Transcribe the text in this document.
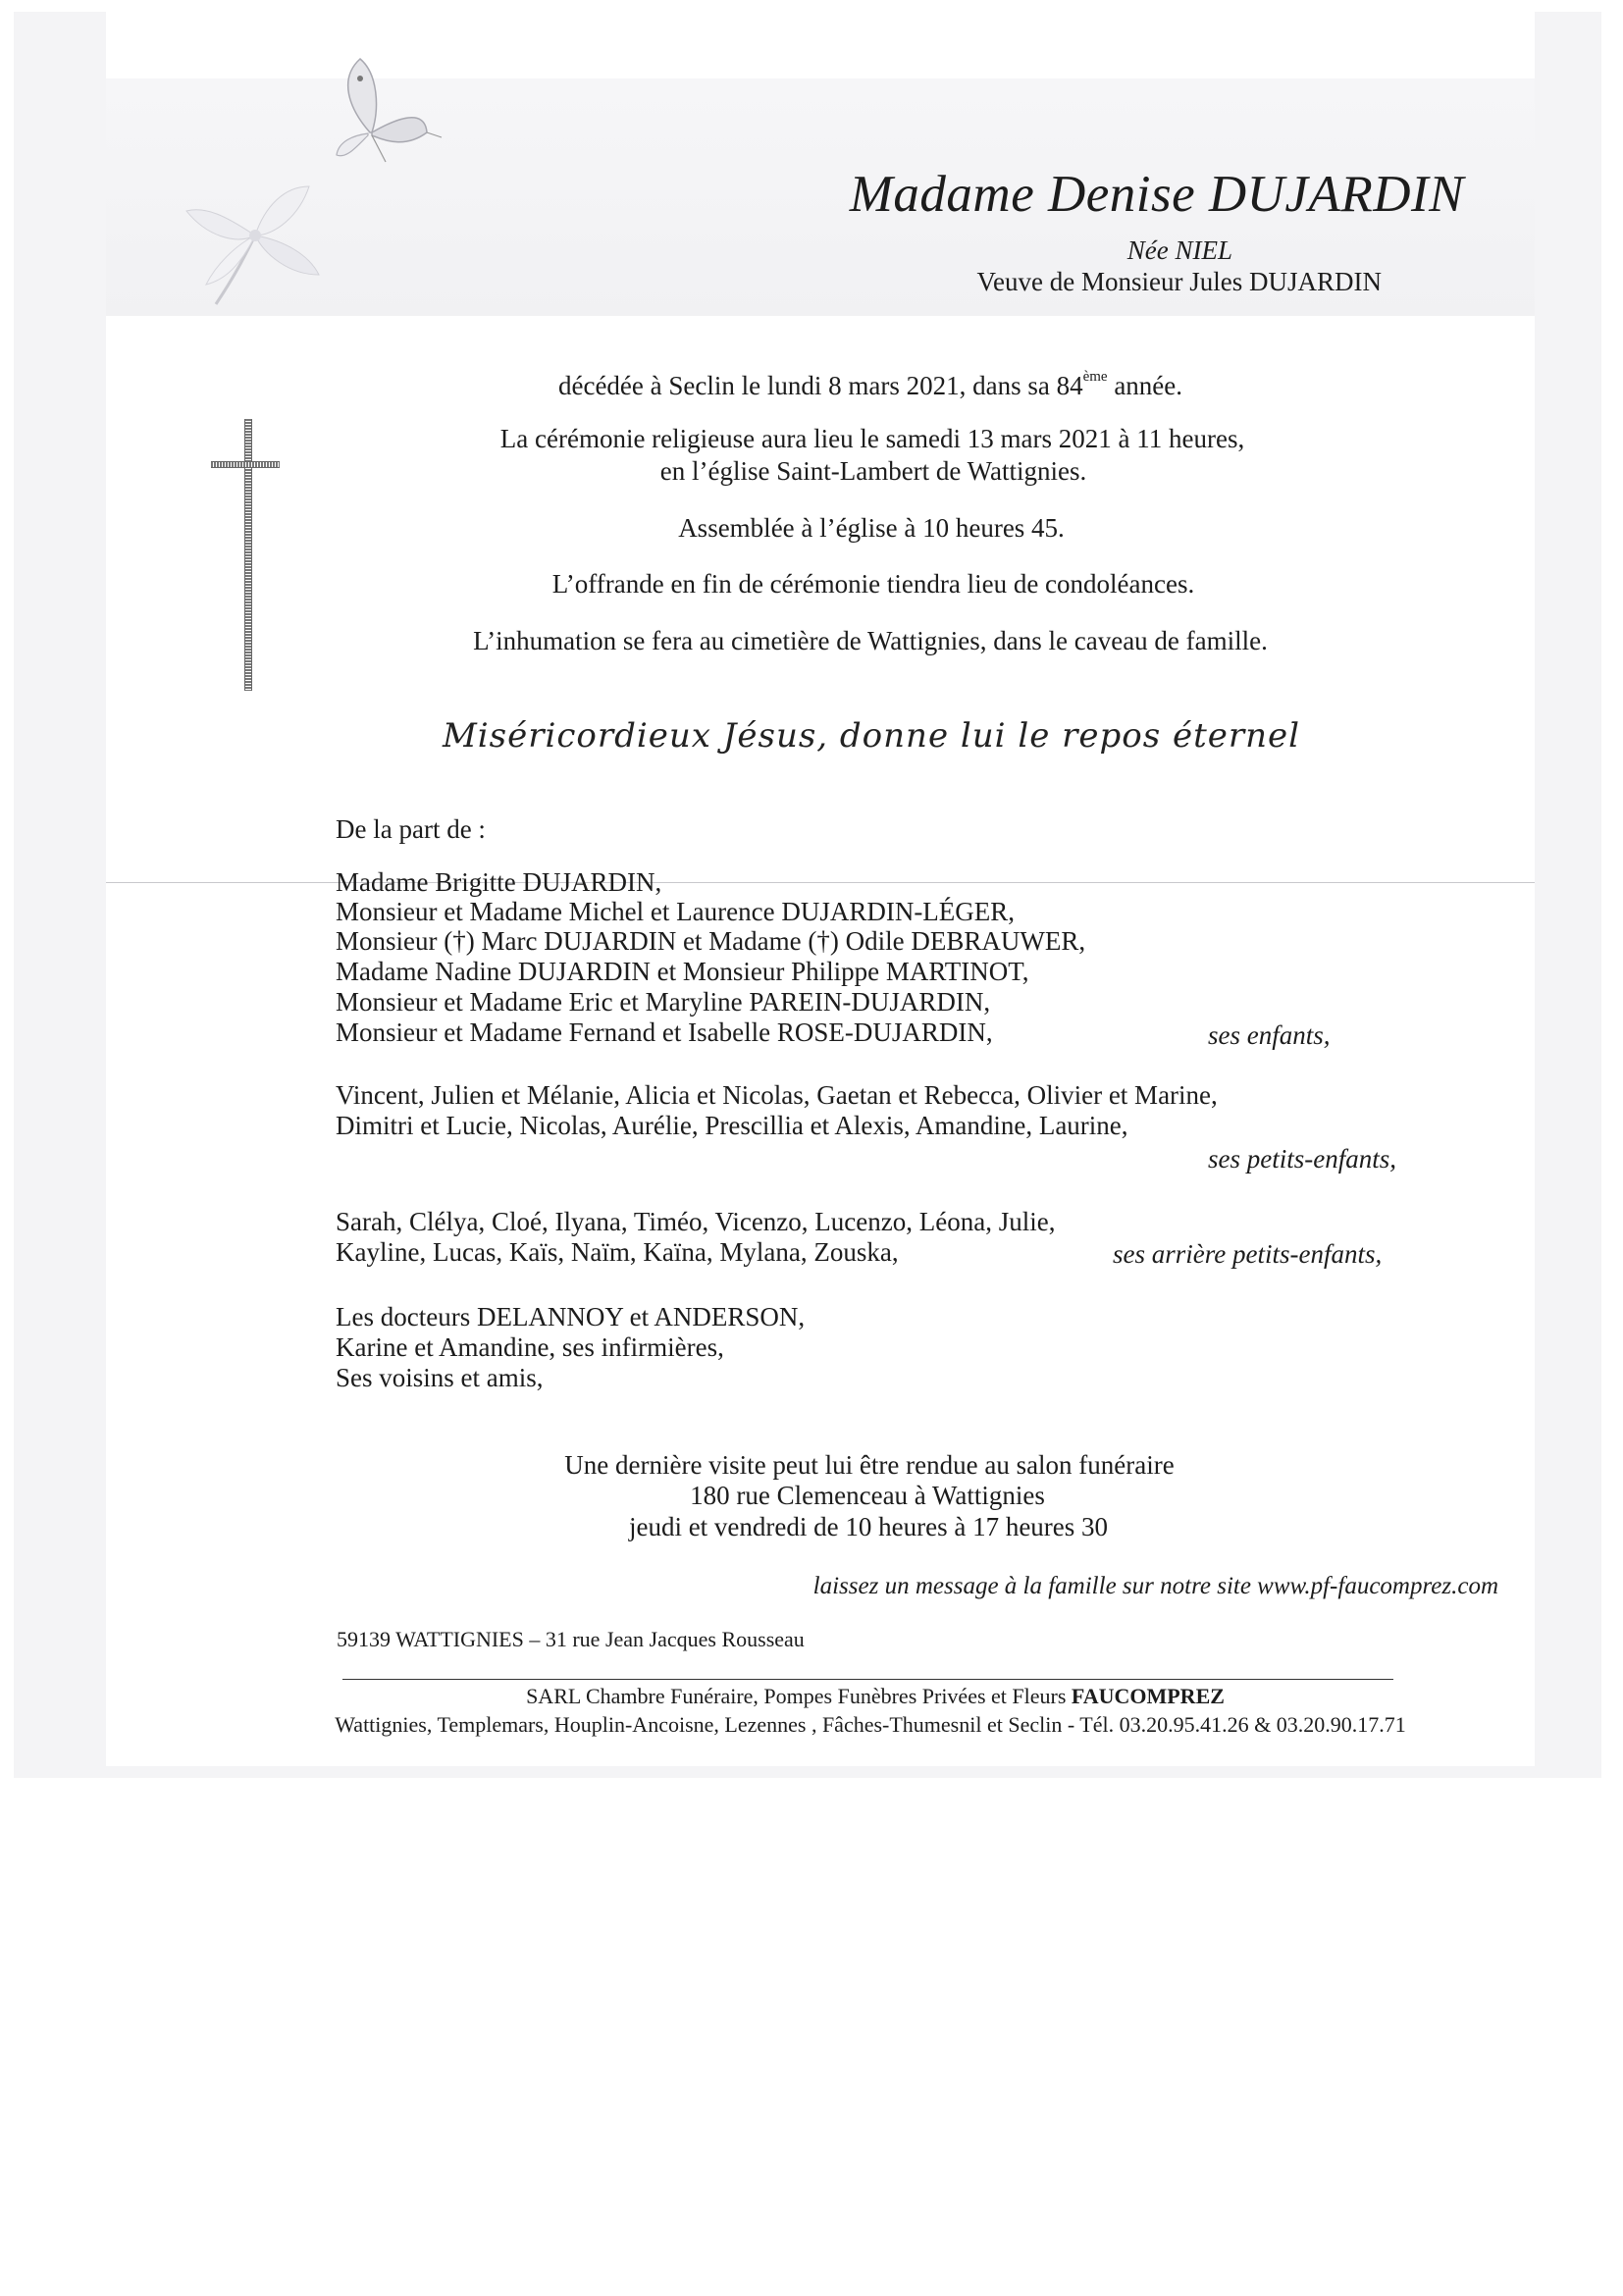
Madame Denise DUJARDIN
Née NIEL
Veuve de Monsieur Jules DUJARDIN
décédée à Seclin le lundi 8 mars 2021, dans sa 84ème année.
La cérémonie religieuse aura lieu le samedi 13 mars 2021 à 11 heures,
en l’église Saint-Lambert de Wattignies.
Assemblée à l’église à 10 heures 45.
L’offrande en fin de cérémonie tiendra lieu de condoléances.
L’inhumation se fera au cimetière de Wattignies, dans le caveau de famille.
Miséricordieux Jésus, donne lui le repos éternel
De la part de :
Madame Brigitte DUJARDIN,
Monsieur et Madame Michel et Laurence DUJARDIN-LÉGER,
Monsieur (†) Marc DUJARDIN et Madame (†) Odile DEBRAUWER,
Madame Nadine DUJARDIN et Monsieur Philippe MARTINOT,
Monsieur et Madame Eric et Maryline PAREIN-DUJARDIN,
Monsieur et Madame Fernand et Isabelle ROSE-DUJARDIN,	ses enfants,
Vincent, Julien et Mélanie, Alicia et Nicolas, Gaetan et Rebecca, Olivier et Marine,
Dimitri et Lucie, Nicolas, Aurélie, Prescillia et Alexis, Amandine, Laurine,
ses petits-enfants,
Sarah, Clélya, Cloé, Ilyana, Timéo, Vicenzo, Lucenzo, Léona, Julie,
Kayline, Lucas, Kaïs, Naïm, Kaïna, Mylana, Zouska,	ses arrière petits-enfants,
Les docteurs DELANNOY et ANDERSON,
Karine et Amandine, ses infirmières,
Ses voisins et amis,
Une dernière visite peut lui être rendue au salon funéraire
180 rue Clemenceau à Wattignies
jeudi et vendredi de 10 heures à 17 heures 30
laissez un message à la famille sur notre site www.pf-faucomprez.com
59139 WATTIGNIES – 31 rue Jean Jacques Rousseau
SARL Chambre Funéraire, Pompes Funèbres Privées et Fleurs FAUCOMPREZ
Wattignies, Templemars, Houplin-Ancoisne, Lezennes , Fâches-Thumesnil et Seclin - Tél. 03.20.95.41.26 & 03.20.90.17.71
